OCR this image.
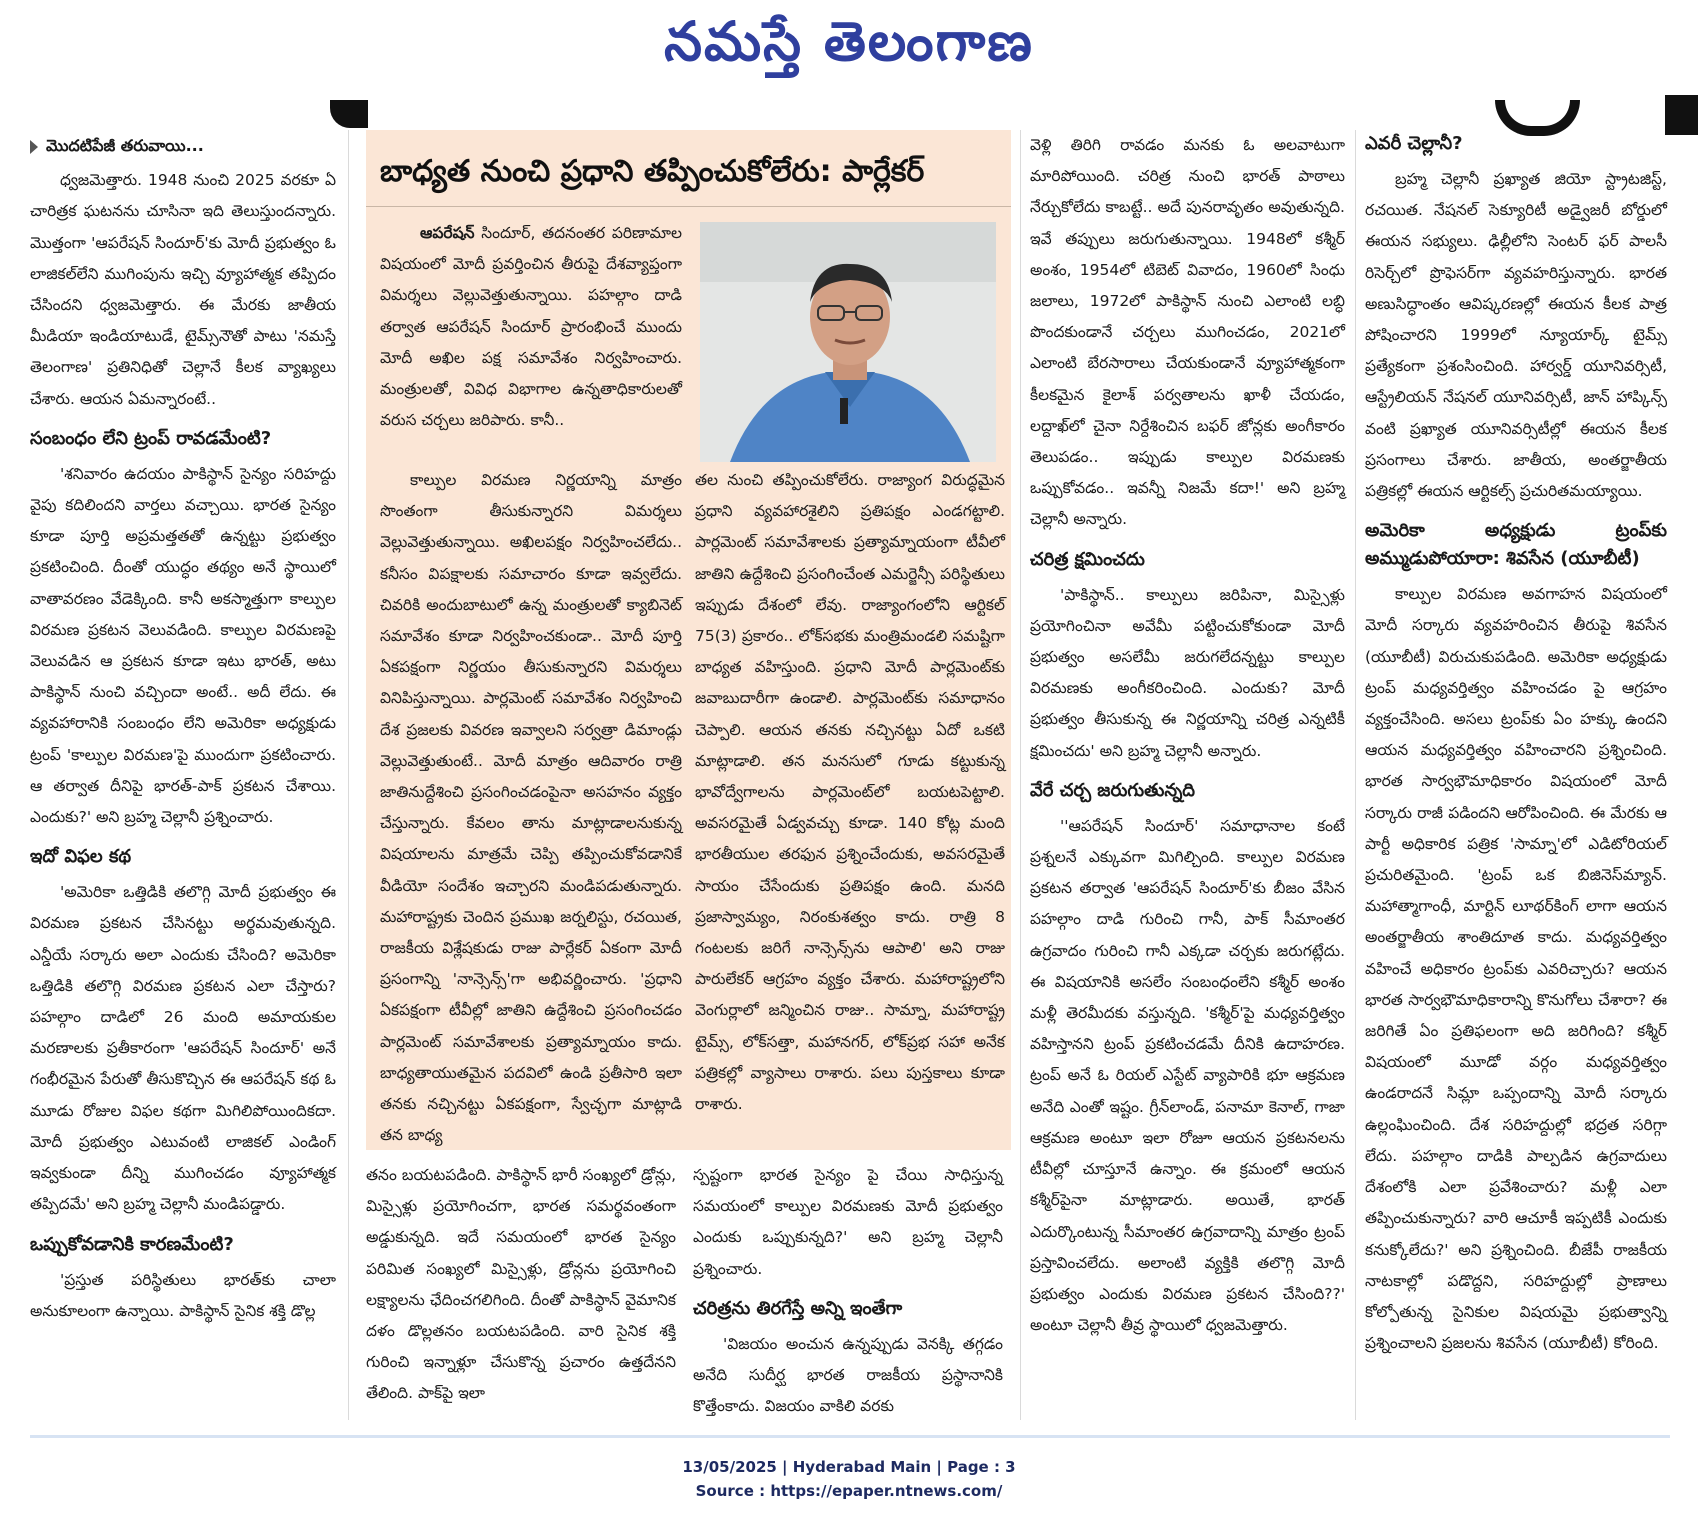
నమస్తే తెలంగాణ
మొదటిపేజీ తరువాయి...

ధ్వజమెత్తారు. 1948 నుంచి 2025 వరకూ ఏ చారిత్రక ఘటనను చూసినా ఇది తెలుస్తుందన్నారు. మొత్తంగా 'ఆపరేషన్ సిందూర్'కు మోదీ ప్రభుత్వం ఓ లాజికల్‌లేని ముగింపును ఇచ్చి వ్యూహాత్మక తప్పిదం చేసిందని ధ్వజమెత్తారు. ఈ మేరకు జాతీయ మీడియా ఇండియాటుడే, టైమ్స్‌నౌతో పాటు 'నమస్తే తెలంగాణ' ప్రతినిధితో చెల్లానే కీలక వ్యాఖ్యలు చేశారు. ఆయన ఏమన్నారంటే..

సంబంధం లేని ట్రంప్ రావడమేంటి?

'శనివారం ఉదయం పాకిస్థాన్ సైన్యం సరిహద్దు వైపు కదిలిందని వార్తలు వచ్చాయి. భారత సైన్యం కూడా పూర్తి అప్రమత్తతతో ఉన్నట్టు ప్రభుత్వం ప్రకటించింది. దీంతో యుద్ధం తథ్యం అనే స్థాయిలో వాతావరణం వేడెక్కింది. కానీ అకస్మాత్తుగా కాల్పుల విరమణ ప్రకటన వెలువడింది. కాల్పుల విరమణపై వెలువడిన ఆ ప్రకటన కూడా ఇటు భారత్, అటు పాకిస్థాన్ నుంచి వచ్చిందా అంటే.. అదీ లేదు. ఈ వ్యవహారానికి సంబంధం లేని అమెరికా అధ్యక్షుడు ట్రంప్ 'కాల్పుల విరమణ'పై ముందుగా ప్రకటించారు. ఆ తర్వాత దీనిపై భారత్-పాక్ ప్రకటన చేశాయి. ఎందుకు?' అని బ్రహ్మ చెల్లానీ ప్రశ్నించారు.

ఇదో విఫల కథ

'అమెరికా ఒత్తిడికి తలొగ్గి మోదీ ప్రభుత్వం ఈ విరమణ ప్రకటన చేసినట్టు అర్థమవుతున్నది. ఎన్డీయే సర్కారు అలా ఎందుకు చేసింది? అమెరికా ఒత్తిడికి తలొగ్గి విరమణ ప్రకటన ఎలా చేస్తారు? పహల్గాం దాడిలో 26 మంది అమాయకుల మరణాలకు ప్రతీకారంగా 'ఆపరేషన్ సిందూర్' అనే గంభీరమైన పేరుతో తీసుకొచ్చిన ఈ ఆపరేషన్ కథ ఓ మూడు రోజుల విఫల కథగా మిగిలిపోయిందికదా. మోదీ ప్రభుత్వం ఎటువంటి లాజికల్ ఎండింగ్ ఇవ్వకుండా దీన్ని ముగించడం వ్యూహాత్మక తప్పిదమే' అని బ్రహ్మ చెల్లానీ మండిపడ్డారు.

ఒప్పుకోవడానికి కారణమేంటి?

'ప్రస్తుత పరిస్థితులు భారత్‌కు చాలా అనుకూలంగా ఉన్నాయి. పాకిస్థాన్ సైనిక శక్తి డొల్ల

బాధ్యత నుంచి ప్రధాని తప్పించుకోలేరు: పార్లేకర్

ఆపరేషన్ సిందూర్, తదనంతర పరిణామాల విషయంలో మోదీ ప్రవర్తించిన తీరుపై దేశవ్యాప్తంగా విమర్శలు వెల్లువెత్తుతున్నాయి. పహల్గాం దాడి తర్వాత ఆపరేషన్ సిందూర్ ప్రారంభించే ముందు మోదీ అఖిల పక్ష సమావేశం నిర్వహించారు. మంత్రులతో, వివిధ విభాగాల ఉన్నతాధికారులతో వరుస చర్చలు జరిపారు. కానీ..

కాల్పుల విరమణ నిర్ణయాన్ని మాత్రం సొంతంగా తీసుకున్నారని విమర్శలు వెల్లువెత్తుతున్నాయి. అఖిలపక్షం నిర్వహించలేదు.. కనీసం విపక్షాలకు సమాచారం కూడా ఇవ్వలేదు. చివరికి అందుబాటులో ఉన్న మంత్రులతో క్యాబినెట్ సమావేశం కూడా నిర్వహించకుండా.. మోదీ పూర్తి ఏకపక్షంగా నిర్ణయం తీసుకున్నారని విమర్శలు వినిపిస్తున్నాయి. పార్లమెంట్ సమావేశం నిర్వహించి దేశ ప్రజలకు వివరణ ఇవ్వాలని సర్వత్రా డిమాండ్లు వెల్లువెత్తుతుంటే.. మోదీ మాత్రం ఆదివారం రాత్రి జాతినుద్దేశించి ప్రసంగించడంపైనా అసహనం వ్యక్తం చేస్తున్నారు. కేవలం తాను మాట్లాడాలనుకున్న విషయాలను మాత్రమే చెప్పి తప్పించుకోవడానికే వీడియో సందేశం ఇచ్చారని మండిపడుతున్నారు. మహారాష్ట్రకు చెందిన ప్రముఖ జర్నలిస్టు, రచయిత, రాజకీయ విశ్లేషకుడు రాజు పార్లేకర్ ఏకంగా మోదీ ప్రసంగాన్ని 'నాన్సెన్స్'గా అభివర్ణించారు. 'ప్రధాని ఏకపక్షంగా టీవీల్లో జాతిని ఉద్దేశించి ప్రసంగించడం పార్లమెంట్ సమావేశాలకు ప్రత్యామ్నాయం కాదు. బాధ్యతాయుతమైన పదవిలో ఉండి ప్రతీసారి ఇలా తనకు నచ్చినట్టు ఏకపక్షంగా, స్వేచ్ఛగా మాట్లాడి తన బాధ్య

తల నుంచి తప్పించుకోలేరు. రాజ్యాంగ విరుద్ధమైన ప్రధాని వ్యవహారశైలిని ప్రతిపక్షం ఎండగట్టాలి. పార్లమెంట్ సమావేశాలకు ప్రత్యామ్నాయంగా టీవీలో జాతిని ఉద్దేశించి ప్రసంగించేంత ఎమర్జెన్సీ పరిస్థితులు ఇప్పుడు దేశంలో లేవు. రాజ్యాంగంలోని ఆర్టికల్ 75(3) ప్రకారం.. లోక్‌సభకు మంత్రిమండలి సమష్టిగా బాధ్యత వహిస్తుంది. ప్రధాని మోదీ పార్లమెంట్‌కు జవాబుదారీగా ఉండాలి. పార్లమెంట్‌కు సమాధానం చెప్పాలి. ఆయన తనకు నచ్చినట్టు ఏదో ఒకటి మాట్లాడాలి. తన మనసులో గూడు కట్టుకున్న భావోద్వేగాలను పార్లమెంట్‌లో బయటపెట్టాలి. అవసరమైతే ఏడ్వవచ్చు కూడా. 140 కోట్ల మంది భారతీయుల తరఫున ప్రశ్నించేందుకు, అవసరమైతే సాయం చేసేందుకు ప్రతిపక్షం ఉంది. మనది ప్రజాస్వామ్యం, నిరంకుశత్వం కాదు. రాత్రి 8 గంటలకు జరిగే నాన్సెన్స్‌ను ఆపాలి' అని రాజు పారులేకర్ ఆగ్రహం వ్యక్తం చేశారు. మహారాష్ట్రలోని వెంగుర్లాలో జన్మించిన రాజు.. సామ్నా, మహారాష్ట్ర టైమ్స్, లోక్‌సత్తా, మహానగర్, లోక్‌ప్రభ సహా అనేక పత్రికల్లో వ్యాసాలు రాశారు. పలు పుస్తకాలు కూడా రాశారు.

తనం బయటపడింది. పాకిస్థాన్ భారీ సంఖ్యలో డ్రోన్లు, మిస్సైళ్లు ప్రయోగించగా, భారత సమర్థవంతంగా అడ్డుకున్నది. ఇదే సమయంలో భారత సైన్యం పరిమిత సంఖ్యలో మిస్సైళ్లు, డ్రోన్లను ప్రయోగించి లక్ష్యాలను ఛేదించగలిగింది. దీంతో పాకిస్థాన్ వైమానిక దళం డొల్లతనం బయటపడింది. వారి సైనిక శక్తి గురించి ఇన్నాళ్లూ చేసుకొన్న ప్రచారం ఉత్తదేనని తేలింది. పాక్‌పై ఇలా

స్పష్టంగా భారత సైన్యం పై చేయి సాధిస్తున్న సమయంలో కాల్పుల విరమణకు మోదీ ప్రభుత్వం ఎందుకు ఒప్పుకున్నది?' అని బ్రహ్మ చెల్లానీ ప్రశ్నించారు.

చరిత్రను తిరగేస్తే అన్ని ఇంతేగా

'విజయం అంచున ఉన్నప్పుడు వెనక్కి తగ్గడం అనేది సుదీర్ఘ భారత రాజకీయ ప్రస్థానానికి కొత్తేంకాదు. విజయం వాకిలి వరకు

వెళ్లి తిరిగి రావడం మనకు ఓ అలవాటుగా మారిపోయింది. చరిత్ర నుంచి భారత్ పాఠాలు నేర్చుకోలేదు కాబట్టే.. అదే పునరావృతం అవుతున్నది. ఇవే తప్పులు జరుగుతున్నాయి. 1948లో కశ్మీర్ అంశం, 1954లో టిబెట్ వివాదం, 1960లో సింధు జలాలు, 1972లో పాకిస్థాన్ నుంచి ఎలాంటి లబ్ధి పొందకుండానే చర్చలు ముగించడం, 2021లో ఎలాంటి బేరసారాలు చేయకుండానే వ్యూహాత్మకంగా కీలకమైన కైలాశ్ పర్వతాలను ఖాళీ చేయడం, లద్దాఖ్‌లో చైనా నిర్దేశించిన బఫర్ జోన్లకు అంగీకారం తెలుపడం.. ఇప్పుడు కాల్పుల విరమణకు ఒప్పుకోవడం.. ఇవన్నీ నిజమే కదా!' అని బ్రహ్మ చెల్లానీ అన్నారు.

చరిత్ర క్షమించదు

'పాకిస్థాన్.. కాల్పులు జరిపినా, మిస్సైళ్లు ప్రయోగించినా అవేమీ పట్టించుకోకుండా మోదీ ప్రభుత్వం అసలేమీ జరుగలేదన్నట్టు కాల్పుల విరమణకు అంగీకరించింది. ఎందుకు? మోదీ ప్రభుత్వం తీసుకున్న ఈ నిర్ణయాన్ని చరిత్ర ఎన్నటికీ క్షమించదు' అని బ్రహ్మ చెల్లానీ అన్నారు.

వేరే చర్చ జరుగుతున్నది

''ఆపరేషన్ సిందూర్' సమాధానాల కంటే ప్రశ్నలనే ఎక్కువగా మిగిల్చింది. కాల్పుల విరమణ ప్రకటన తర్వాత 'ఆపరేషన్ సిందూర్'కు బీజం వేసిన పహల్గాం దాడి గురించి గానీ, పాక్ సీమాంతర ఉగ్రవాదం గురించి గానీ ఎక్కడా చర్చకు జరుగట్లేదు. ఈ విషయానికి అసలేం సంబంధంలేని కశ్మీర్ అంశం మళ్లీ తెరమీదకు వస్తున్నది. 'కశ్మీర్'పై మధ్యవర్తిత్వం వహిస్తానని ట్రంప్ ప్రకటించడమే దీనికి ఉదాహరణ. ట్రంప్ అనే ఓ రియల్ ఎస్టేట్ వ్యాపారికి భూ ఆక్రమణ అనేది ఎంతో ఇష్టం. గ్రీన్‌లాండ్, పనామా కెనాల్, గాజా ఆక్రమణ అంటూ ఇలా రోజూ ఆయన ప్రకటనలను టీవీల్లో చూస్తూనే ఉన్నాం. ఈ క్రమంలో ఆయన కశ్మీర్‌పైనా మాట్లాడారు. అయితే, భారత్ ఎదుర్కొంటున్న సీమాంతర ఉగ్రవాదాన్ని మాత్రం ట్రంప్ ప్రస్తావించలేదు. అలాంటి వ్యక్తికి తలొగ్గి మోదీ ప్రభుత్వం ఎందుకు విరమణ ప్రకటన చేసింది??' అంటూ చెల్లానీ తీవ్ర స్థాయిలో ధ్వజమెత్తారు.

ఎవరీ చెల్లానీ?

బ్రహ్మ చెల్లానీ ప్రఖ్యాత జియో స్ట్రాటజిస్ట్, రచయిత. నేషనల్ సెక్యూరిటీ అడ్వైజరీ బోర్డులో ఈయన సభ్యులు. ఢిల్లీలోని సెంటర్ ఫర్ పాలసీ రిసెర్చ్‌లో ప్రొఫెసర్‌గా వ్యవహరిస్తున్నారు. భారత అణుసిద్ధాంతం ఆవిష్కరణల్లో ఈయన కీలక పాత్ర పోషించారని 1999లో న్యూయార్క్ టైమ్స్ ప్రత్యేకంగా ప్రశంసించింది. హార్వర్డ్ యూనివర్సిటీ, ఆస్ట్రేలియన్ నేషనల్ యూనివర్సిటీ, జాన్ హాప్కిన్స్ వంటి ప్రఖ్యాత యూనివర్సిటీల్లో ఈయన కీలక ప్రసంగాలు చేశారు. జాతీయ, అంతర్జాతీయ పత్రికల్లో ఈయన ఆర్టికల్స్ ప్రచురితమయ్యాయి.

అమెరికా అధ్యక్షుడు ట్రంప్‌కు అమ్ముడుపోయారా: శివసేన (యూబీటీ)

కాల్పుల విరమణ అవగాహన విషయంలో మోదీ సర్కారు వ్యవహరించిన తీరుపై శివసేన (యూబీటీ) విరుచుకుపడింది. అమెరికా అధ్యక్షుడు ట్రంప్ మధ్యవర్తిత్వం వహించడం పై ఆగ్రహం వ్యక్తంచేసింది. అసలు ట్రంప్‌కు ఏం హక్కు ఉందని ఆయన మధ్యవర్తిత్వం వహించారని ప్రశ్నించింది. భారత సార్వభౌమాధికారం విషయంలో మోదీ సర్కారు రాజీ పడిందని ఆరోపించింది. ఈ మేరకు ఆ పార్టీ అధికారిక పత్రిక 'సామ్నా'లో ఎడిటోరియల్ ప్రచురితమైంది. 'ట్రంప్ ఒక బిజినెస్‌మ్యాన్. మహాత్మాగాంధీ, మార్టిన్ లూథర్‌కింగ్ లాగా ఆయన అంతర్జాతీయ శాంతిదూత కాదు. మధ్యవర్తిత్వం వహించే అధికారం ట్రంప్‌కు ఎవరిచ్చారు? ఆయన భారత సార్వభౌమాధికారాన్ని కొనుగోలు చేశారా? ఈ జరిగితే ఏం ప్రతిఫలంగా అది జరిగింది? కశ్మీర్ విషయంలో మూడో వర్గం మధ్యవర్తిత్వం ఉండరాదనే సిమ్లా ఒప్పందాన్ని మోదీ సర్కారు ఉల్లంఘించింది. దేశ సరిహద్దుల్లో భద్రత సరిగ్గా లేదు. పహల్గాం దాడికి పాల్పడిన ఉగ్రవాదులు దేశంలోకి ఎలా ప్రవేశించారు? మళ్లీ ఎలా తప్పించుకున్నారు? వారి ఆచూకీ ఇప్పటికీ ఎందుకు కనుక్కోలేదు?' అని ప్రశ్నించింది. బీజేపీ రాజకీయ నాటకాల్లో పడొద్దని, సరిహద్దుల్లో ప్రాణాలు కోల్పోతున్న సైనికుల విషయమై ప్రభుత్వాన్ని ప్రశ్నించాలని ప్రజలను శివసేన (యూబీటీ) కోరింది.

13/05/2025 | Hyderabad Main | Page : 3
Source : https://epaper.ntnews.com/
